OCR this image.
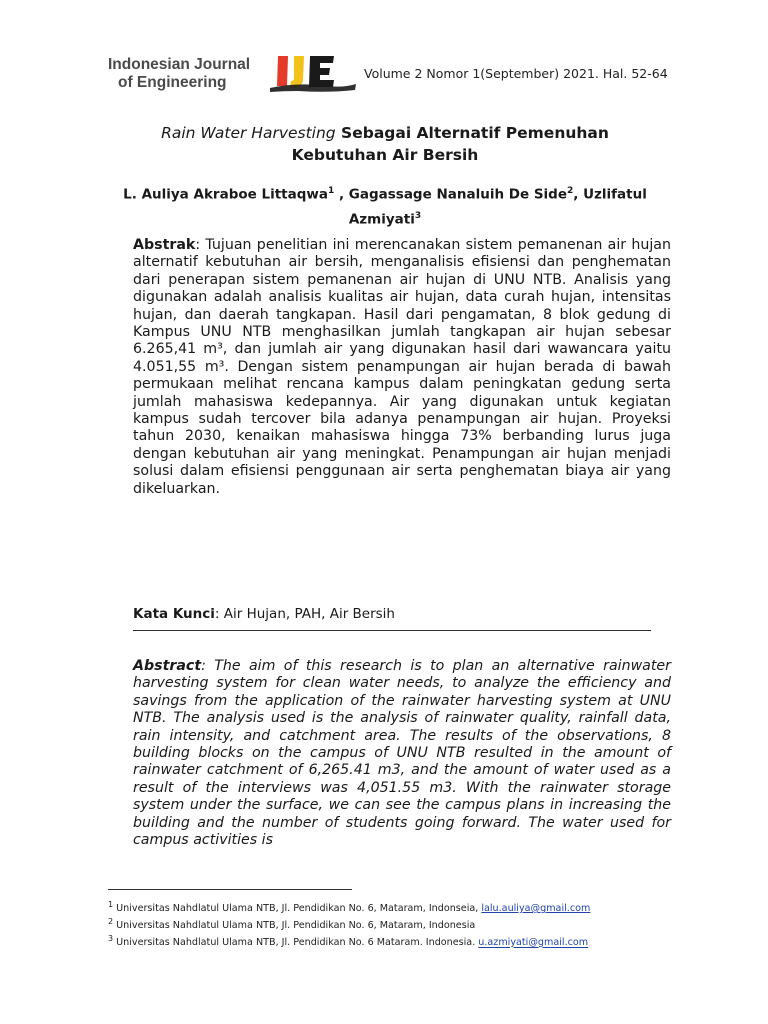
Indonesian Journal
of Engineering
Volume 2 Nomor 1(September) 2021. Hal. 52-64
Rain Water Harvesting Sebagai Alternatif Pemenuhan
Kebutuhan Air Bersih
L. Auliya Akraboe Littaqwa$^1$ , Gagassage Nanaluih De Side$^2$, Uzlifatul Azmiyati$^3$
Abstrak: Tujuan penelitian ini merencanakan sistem pemanenan air hujan alternatif kebutuhan air bersih, menganalisis efisiensi dan penghematan dari penerapan sistem pemanenan air hujan di UNU NTB. Analisis yang digunakan adalah analisis kualitas air hujan, data curah hujan, intensitas hujan, dan daerah tangkapan. Hasil dari pengamatan, 8 blok gedung di Kampus UNU NTB menghasilkan jumlah tangkapan air hujan sebesar 6.265,41 m³, dan jumlah air yang digunakan hasil dari wawancara yaitu 4.051,55 m³. Dengan sistem penampungan air hujan berada di bawah permukaan melihat rencana kampus dalam peningkatan gedung serta jumlah mahasiswa kedepannya. Air yang digunakan untuk kegiatan kampus sudah tercover bila adanya penampungan air hujan. Proyeksi tahun 2030, kenaikan mahasiswa hingga 73% berbanding lurus juga dengan kebutuhan air yang meningkat. Penampungan air hujan menjadi solusi dalam efisiensi penggunaan air serta penghematan biaya air yang dikeluarkan.
Kata Kunci: Air Hujan, PAH, Air Bersih
Abstract: The aim of this research is to plan an alternative rainwater harvesting system for clean water needs, to analyze the efficiency and savings from the application of the rainwater harvesting system at UNU NTB. The analysis used is the analysis of rainwater quality, rainfall data, rain intensity, and catchment area. The results of the observations, 8 building blocks on the campus of UNU NTB resulted in the amount of rainwater catchment of 6,265.41 m3, and the amount of water used as a result of the interviews was 4,051.55 m3. With the rainwater storage system under the surface, we can see the campus plans in increasing the building and the number of students going forward. The water used for campus activities is
$^1$ Universitas Nahdlatul Ulama NTB, Jl. Pendidikan No. 6, Mataram, Indonseia, lalu.auliya@gmail.com
$^2$ Universitas Nahdlatul Ulama NTB, Jl. Pendidikan No. 6, Mataram, Indonesia
$^3$ Universitas Nahdlatul Ulama NTB, Jl. Pendidikan No. 6 Mataram. Indonesia. u.azmiyati@gmail.com
